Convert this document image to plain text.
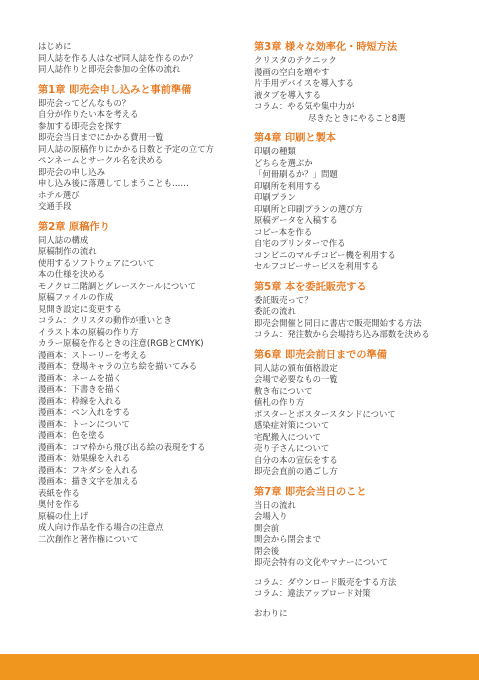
はじめに
同人誌を作る人はなぜ同人誌を作るのか？
同人誌作りと即売会参加の全体の流れ
第1章 即売会申し込みと事前準備
即売会ってどんなもの？
自分が作りたい本を考える
参加する即売会を探す
即売会当日までにかかる費用一覧
同人誌の原稿作りにかかる日数と予定の立て方
ペンネームとサークル名を決める
即売会の申し込み
申し込み後に落選してしまうことも……
ホテル選び
交通手段
第2章 原稿作り
同人誌の構成
原稿制作の流れ
使用するソフトウェアについて
本の仕様を決める
モノクロ二階調とグレースケールについて
原稿ファイルの作成
見開き設定に変更する
コラム：クリスタの動作が重いとき
イラスト本の原稿の作り方
カラー原稿を作るときの注意(RGBとCMYK)
漫画本：ストーリーを考える
漫画本：登場キャラの立ち絵を描いてみる
漫画本：ネームを描く
漫画本：下書きを描く
漫画本：枠線を入れる
漫画本：ペン入れをする
漫画本：トーンについて
漫画本：色を塗る
漫画本：コマ枠から飛び出る絵の表現をする
漫画本：効果線を入れる
漫画本：フキダシを入れる
漫画本：描き文字を加える
表紙を作る
奥付を作る
原稿の仕上げ
成人向け作品を作る場合の注意点
二次創作と著作権について
第3章 様々な効率化・時短方法
クリスタのテクニック
漫画の空白を増やす
片手用デバイスを導入する
液タブを導入する
コラム：やる気や集中力が
尽きたときにやること8選
第4章 印刷と製本
印刷の種類
どちらを選ぶか
「何冊刷るか？」問題
印刷所を利用する
印刷プラン
印刷所と印刷プランの選び方
原稿データを入稿する
コピー本を作る
自宅のプリンターで作る
コンビニのマルチコピー機を利用する
セルフコピーサービスを利用する
第5章 本を委託販売する
委託販売って？
委託の流れ
即売会開催と同日に書店で販売開始する方法
コラム：発注数から会場持ち込み部数を決める
第6章 即売会前日までの準備
同人誌の頒布価格設定
会場で必要なもの一覧
敷き布について
値札の作り方
ポスターとポスタースタンドについて
感染症対策について
宅配搬入について
売り子さんについて
自分の本の宣伝をする
即売会直前の過ごし方
第7章 即売会当日のこと
当日の流れ
会場入り
開会前
開会から閉会まで
閉会後
即売会特有の文化やマナーについて
コラム：ダウンロード販売をする方法
コラム：違法アップロード対策
おわりに
